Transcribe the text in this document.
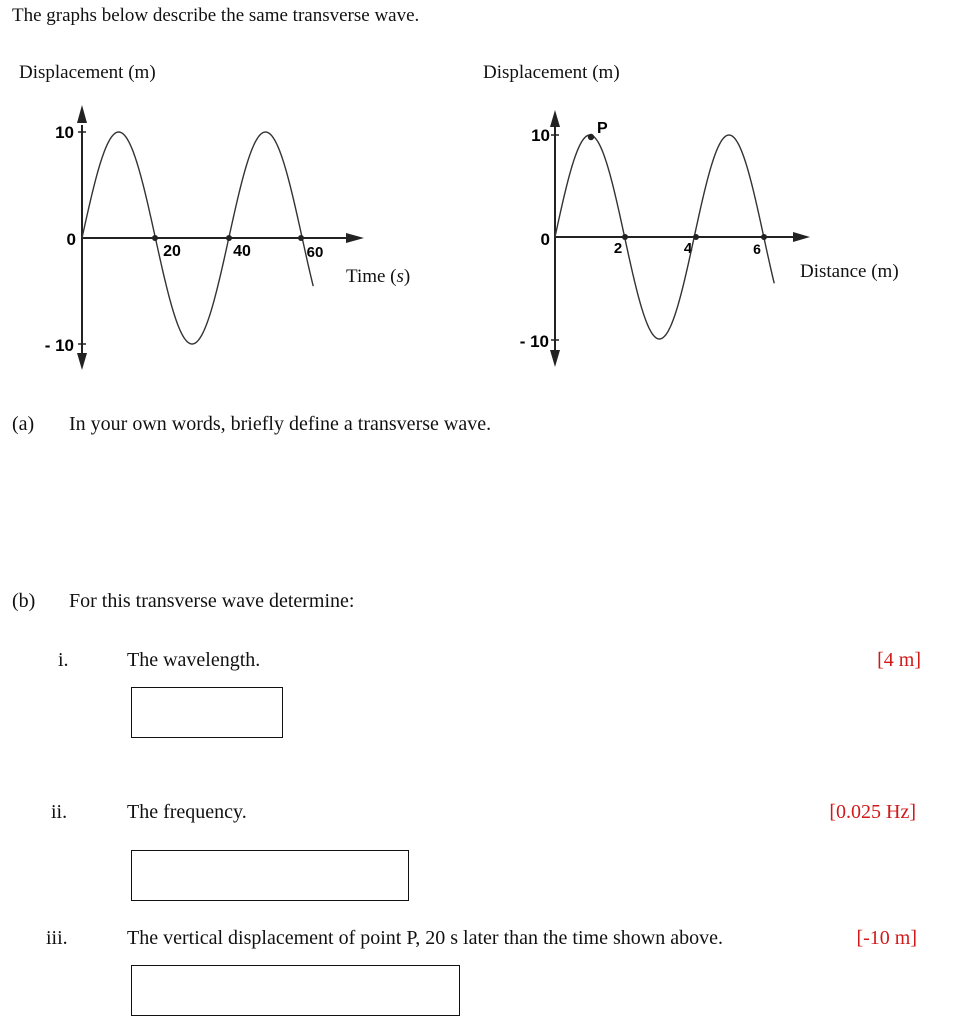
The graphs below describe the same transverse wave.
Displacement (m)	Displacement (m)
Time (s)	Distance (m)
10
0
- 10
20	40	60
10
0
- 10
2	4	6
P
(a) In your own words, briefly define a transverse wave.
(b) For this transverse wave determine:
i.	The wavelength.	[4 m]
ii.	The frequency.	[0.025 Hz]
iii.	The vertical displacement of point P, 20 s later than the time shown above.	[-10 m]
